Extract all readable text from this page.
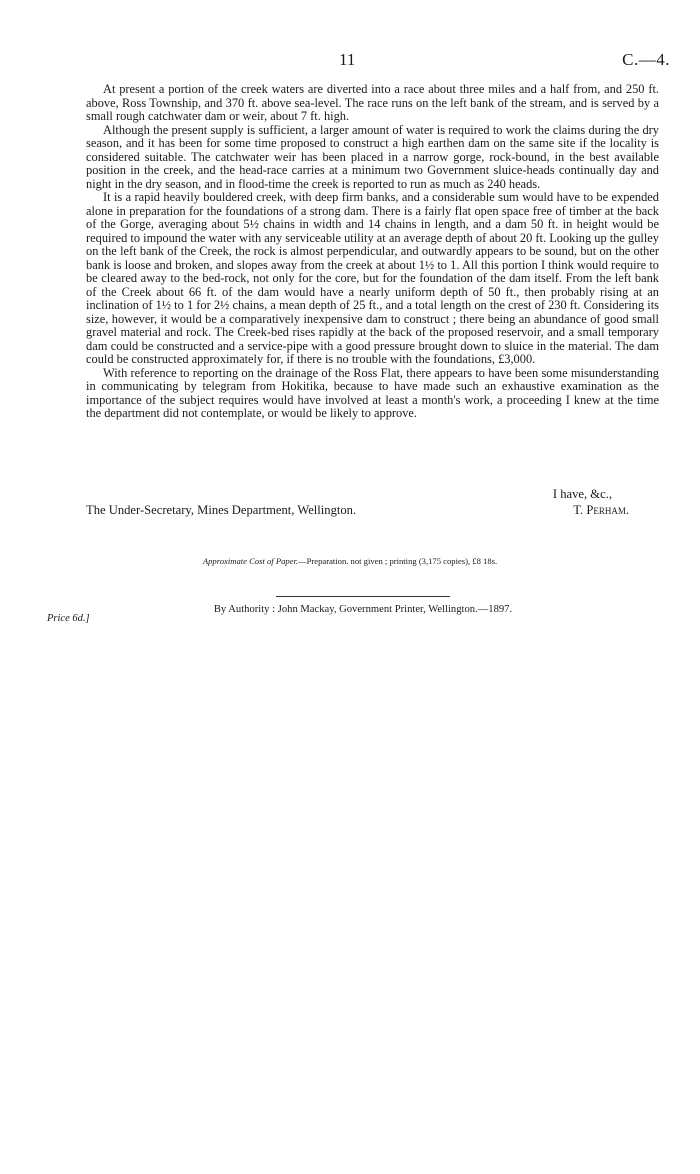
11	C.—4.

At present a portion of the creek waters are diverted into a race about three miles and a half from, and 250 ft. above, Ross Township, and 370 ft. above sea-level. The race runs on the left bank of the stream, and is served by a small rough catchwater dam or weir, about 7 ft. high.

Although the present supply is sufficient, a larger amount of water is required to work the claims during the dry season, and it has been for some time proposed to construct a high earthen dam on the same site if the locality is considered suitable. The catchwater weir has been placed in a narrow gorge, rock-bound, in the best available position in the creek, and the head-race carries at a minimum two Government sluice-heads continually day and night in the dry season, and in flood-time the creek is reported to run as much as 240 heads.

It is a rapid heavily bouldered creek, with deep firm banks, and a considerable sum would have to be expended alone in preparation for the foundations of a strong dam. There is a fairly flat open space free of timber at the back of the Gorge, averaging about 5½ chains in width and 14 chains in length, and a dam 50 ft. in height would be required to impound the water with any serviceable utility at an average depth of about 20 ft. Looking up the gulley on the left bank of the Creek, the rock is almost perpendicular, and outwardly appears to be sound, but on the other bank is loose and broken, and slopes away from the creek at about 1½ to 1. All this portion I think would require to be cleared away to the bed-rock, not only for the core, but for the foundation of the dam itself. From the left bank of the Creek about 66 ft. of the dam would have a nearly uniform depth of 50 ft., then probably rising at an inclination of 1½ to 1 for 2½ chains, a mean depth of 25 ft., and a total length on the crest of 230 ft. Considering its size, however, it would be a comparatively inexpensive dam to construct ; there being an abundance of good small gravel material and rock. The Creek-bed rises rapidly at the back of the proposed reservoir, and a small temporary dam could be constructed and a service-pipe with a good pressure brought down to sluice in the material. The dam could be constructed approximately for, if there is no trouble with the foundations, £3,000.

With reference to reporting on the drainage of the Ross Flat, there appears to have been some misunderstanding in communicating by telegram from Hokitika, because to have made such an exhaustive examination as the importance of the subject requires would have involved at least a month's work, a proceeding I knew at the time the department did not contemplate, or would be likely to approve.

I have, &c.,
The Under-Secretary, Mines Department, Wellington.	T. Perham.
Approximate Cost of Paper.—Preparation. not given ; printing (3,175 copies), £8 18s.
By Authority : John Mackay, Government Printer, Wellington.—1897.
Price 6d.]
